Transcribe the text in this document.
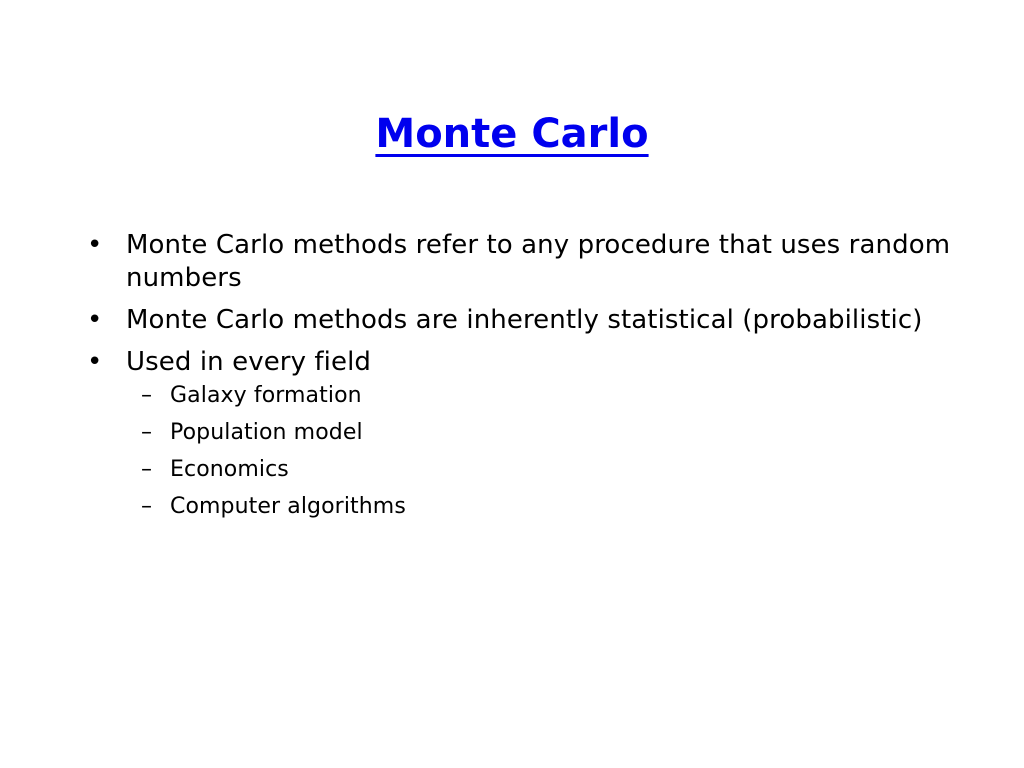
Monte Carlo
• Monte Carlo methods refer to any procedure that uses random numbers
• Monte Carlo methods are inherently statistical (probabilistic)
• Used in every field
– Galaxy formation
– Population model
– Economics
– Computer algorithms
